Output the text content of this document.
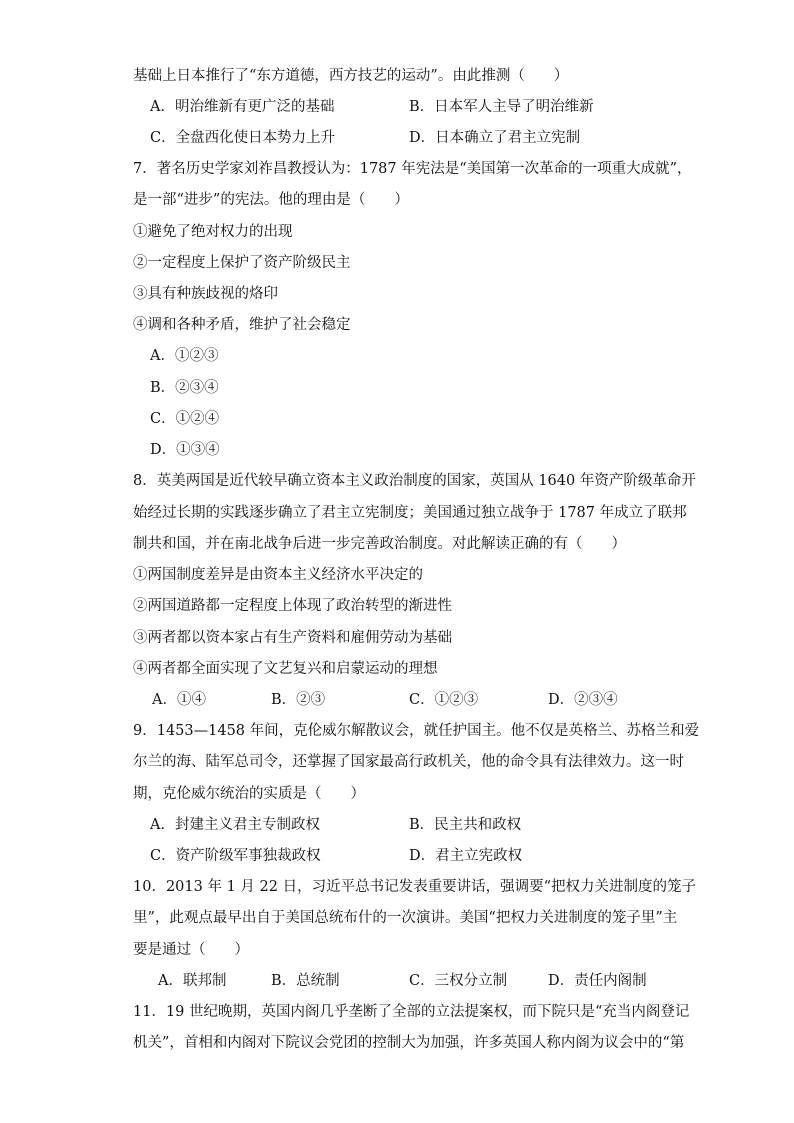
基础上日本推行了“东方道德，西方技艺的运动”。由此推测（　　）
A．明治维新有更广泛的基础	B．日本军人主导了明治维新
C．全盘西化使日本势力上升	D．日本确立了君主立宪制
7．著名历史学家刘祚昌教授认为：1787 年宪法是“美国第一次革命的一项重大成就”，
是一部“进步”的宪法。他的理由是（　　）
①避免了绝对权力的出现
②一定程度上保护了资产阶级民主
③具有种族歧视的烙印
④调和各种矛盾，维护了社会稳定
A．①②③
B．②③④
C．①②④
D．①③④
8．英美两国是近代较早确立资本主义政治制度的国家，英国从 1640 年资产阶级革命开
始经过长期的实践逐步确立了君主立宪制度；美国通过独立战争于 1787 年成立了联邦
制共和国，并在南北战争后进一步完善政治制度。对此解读正确的有（　　）
①两国制度差异是由资本主义经济水平决定的
②两国道路都一定程度上体现了政治转型的渐进性
③两者都以资本家占有生产资料和雇佣劳动为基础
④两者都全面实现了文艺复兴和启蒙运动的理想
A．①④	B．②③	C．①②③	D．②③④
9．1453—1458 年间，克伦威尔解散议会，就任护国主。他不仅是英格兰、苏格兰和爱
尔兰的海、陆军总司令，还掌握了国家最高行政机关，他的命令具有法律效力。这一时
期，克伦威尔统治的实质是（　　）
A．封建主义君主专制政权	B．民主共和政权
C．资产阶级军事独裁政权	D．君主立宪政权
10．2013 年 1 月 22 日，习近平总书记发表重要讲话，强调要“把权力关进制度的笼子
里”，此观点最早出自于美国总统布什的一次演讲。美国“把权力关进制度的笼子里”主
要是通过（　　）
A．联邦制	B．总统制	C．三权分立制	D．责任内阁制
11．19 世纪晚期，英国内阁几乎垄断了全部的立法提案权，而下院只是“充当内阁登记
机关”，首相和内阁对下院议会党团的控制大为加强，许多英国人称内阁为议会中的“第
